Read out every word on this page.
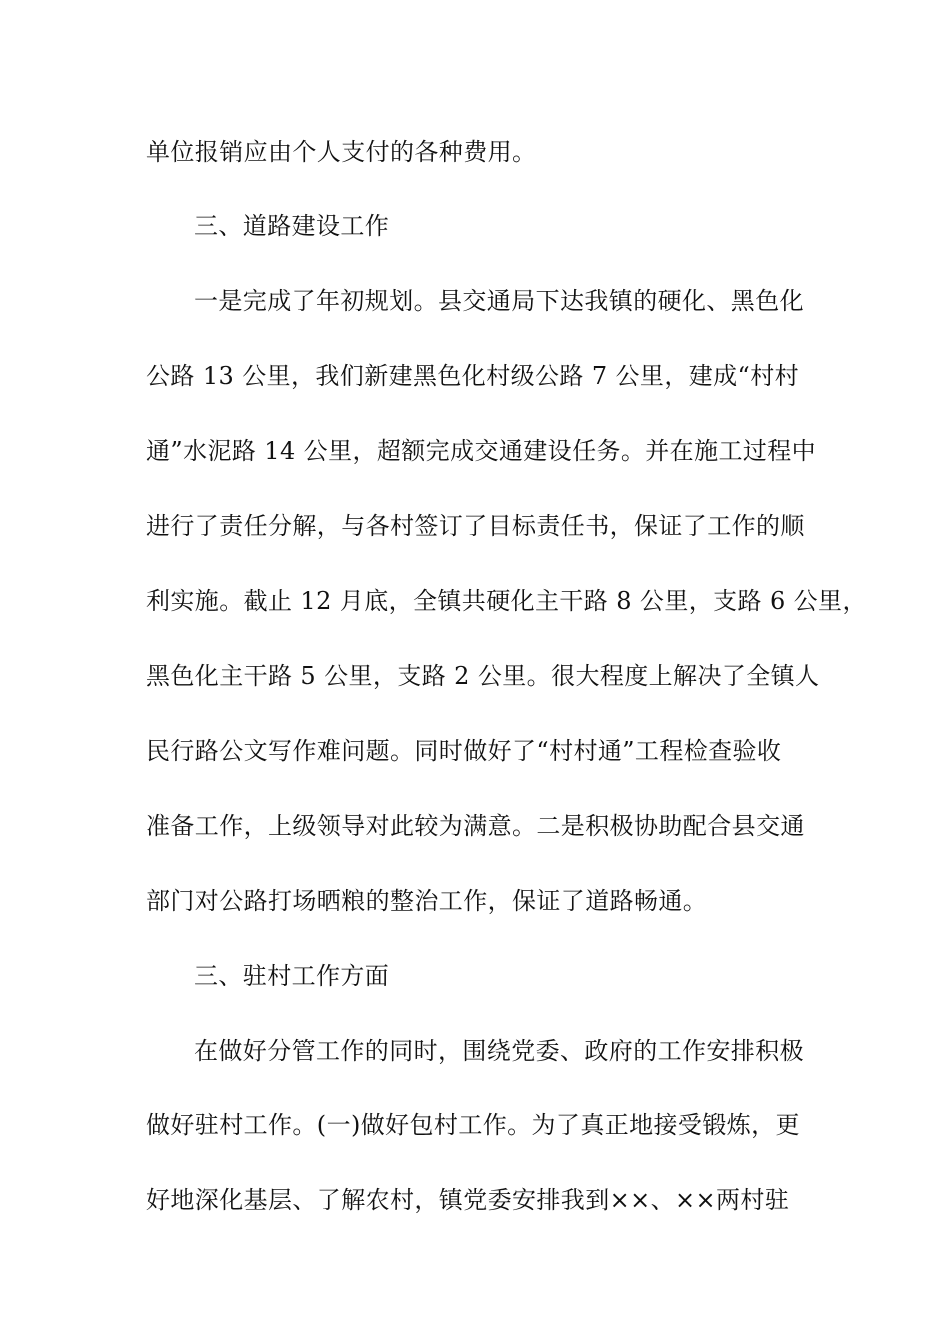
单位报销应由个人支付的各种费用。
三、道路建设工作
一是完成了年初规划。县交通局下达我镇的硬化、黑色化
公路 13 公里，我们新建黑色化村级公路 7 公里，建成“村村
通”水泥路 14 公里，超额完成交通建设任务。并在施工过程中
进行了责任分解，与各村签订了目标责任书，保证了工作的顺
利实施。截止 12 月底，全镇共硬化主干路 8 公里，支路 6 公里，
黑色化主干路 5 公里，支路 2 公里。很大程度上解决了全镇人
民行路公文写作难问题。同时做好了“村村通”工程检查验收
准备工作，上级领导对此较为满意。二是积极协助配合县交通
部门对公路打场晒粮的整治工作，保证了道路畅通。
三、驻村工作方面
在做好分管工作的同时，围绕党委、政府的工作安排积极
做好驻村工作。(一)做好包村工作。为了真正地接受锻炼，更
好地深化基层、了解农村，镇党委安排我到××、××两村驻
